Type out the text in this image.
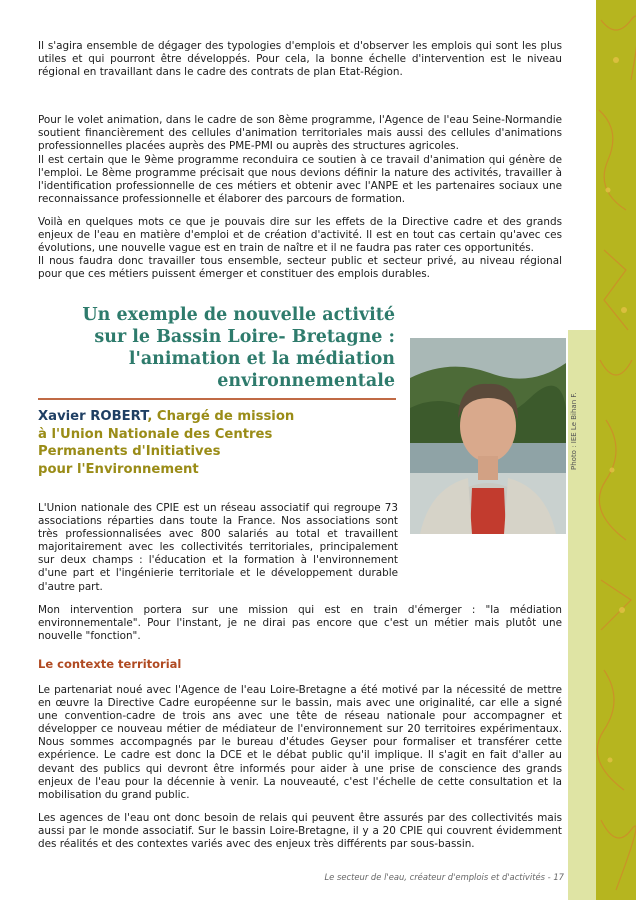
Il s'agira ensemble de dégager des typologies d'emplois et d'observer les emplois qui sont les plus utiles et qui pourront être développés. Pour cela, la bonne échelle d'intervention est le niveau régional en travaillant dans le cadre des contrats de plan Etat-Région.

Pour le volet animation, dans le cadre de son 8ème programme, l'Agence de l'eau Seine-Normandie soutient financièrement des cellules d'animation territoriales mais aussi des cellules d'animations professionnelles placées auprès des PME-PMI ou auprès des structures agricoles.

Il est certain que le 9ème programme reconduira ce soutien à ce travail d'animation qui génère de l'emploi. Le 8ème programme précisait que nous devions définir la nature des activités, travailler à l'identification professionnelle de ces métiers et obtenir avec l'ANPE et les partenaires sociaux une reconnaissance professionnelle et élaborer des parcours de formation.

Voilà en quelques mots ce que je pouvais dire sur les effets de la Directive cadre et des grands enjeux de l'eau en matière d'emploi et de création d'activité. Il est en tout cas certain qu'avec ces évolutions, une nouvelle vague est en train de naître et il ne faudra pas rater ces opportunités.

Il nous faudra donc travailler tous ensemble, secteur public et secteur privé, au niveau régional pour que ces métiers puissent émerger et constituer des emplois durables.

Un exemple de nouvelle activité
sur le Bassin Loire- Bretagne :
l'animation et la médiation
environnementale

Xavier ROBERT, Chargé de mission
à l'Union Nationale des Centres
Permanents d'Initiatives
pour l'Environnement	Photo : IEE Le Bihan F.

L'Union nationale des CPIE est un réseau associatif qui regroupe 73 associations réparties dans toute la France. Nos associations sont très professionnalisées avec 800 salariés au total et travaillent majoritairement avec les collectivités territoriales, principalement sur deux champs : l'éducation et la formation à l'environnement d'une part et l'ingénierie territoriale et le développement durable d'autre part.

Mon intervention portera sur une mission qui est en train d'émerger : "la médiation environnementale". Pour l'instant, je ne dirai pas encore que c'est un métier mais plutôt une nouvelle "fonction".

Le contexte territorial

Le partenariat noué avec l'Agence de l'eau Loire-Bretagne a été motivé par la nécessité de mettre en œuvre la Directive Cadre européenne sur le bassin, mais avec une originalité, car elle a signé une convention-cadre de trois ans avec une tête de réseau nationale pour accompagner et développer ce nouveau métier de médiateur de l'environnement sur 20 territoires expérimentaux. Nous sommes accompagnés par le bureau d'études Geyser pour formaliser et transférer cette expérience. Le cadre est donc la DCE et le débat public qu'il implique. Il s'agit en fait d'aller au devant des publics qui devront être informés pour aider à une prise de conscience des grands enjeux de l'eau pour la décennie à venir. La nouveauté, c'est l'échelle de cette consultation et la mobilisation du grand public.

Les agences de l'eau ont donc besoin de relais qui peuvent être assurés par des collectivités mais aussi par le monde associatif. Sur le bassin Loire-Bretagne, il y a 20 CPIE qui couvrent évidemment des réalités et des contextes variés avec des enjeux très différents par sous-bassin.

Le secteur de l'eau, créateur d'emplois et d'activités - 17
